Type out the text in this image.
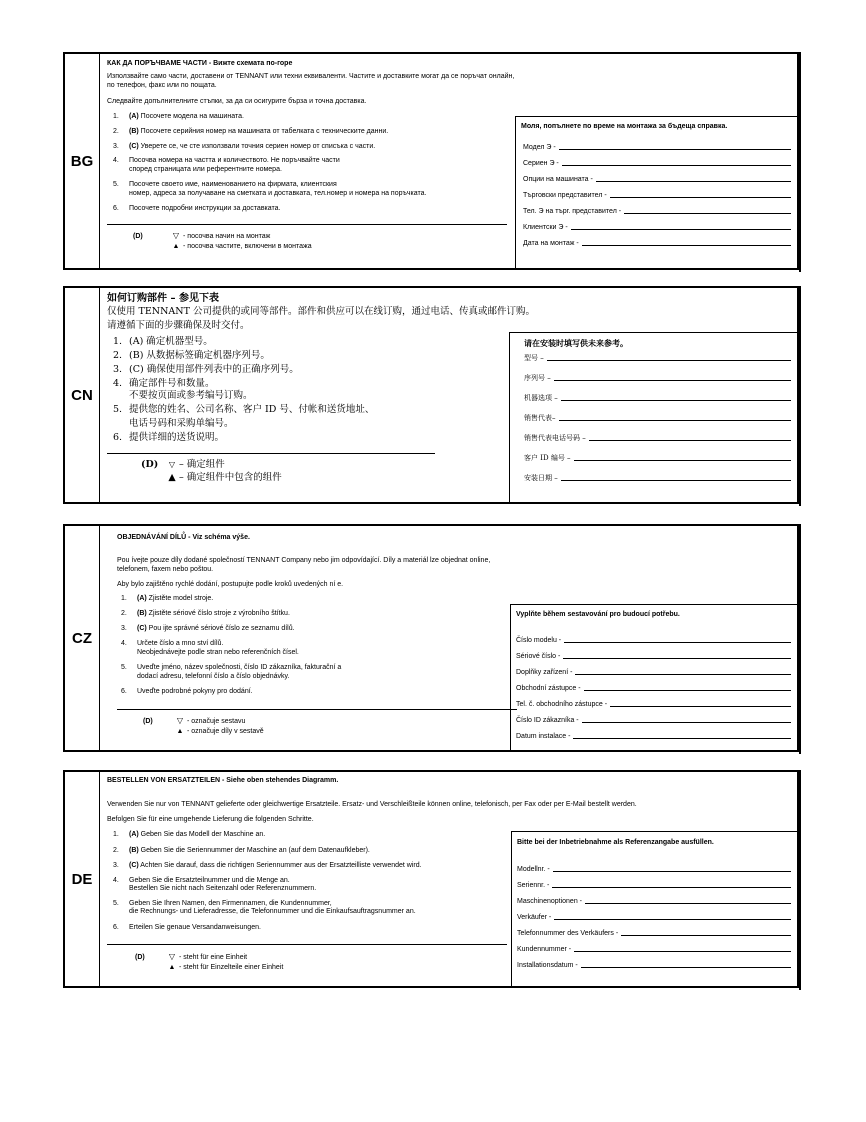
BG
КАК ДА ПОРЪЧВАМЕ ЧАСТИ - Вижте схемата по-горе
Използвайте само части, доставени от TENNANT или техни еквиваленти. Частите и доставките могат да се поръчат онлайн,
по телефон, факс или по пощата.
Следвайте допълнителните стъпки, за да си осигурите бърза и точна доставка.
1. (A) Посочете модела на машината.
2. (B) Посочете серийния номер на машината от табелката с техническите данни.
3. (C) Уверете се, че сте използвали точния сериен номер от списъка с части.
4. Посочва номера на частта и количеството. Не поръчвайте части
според страницата или референтните номера.
5. Посочете своето име, наименованието на фирмата, клиентския
номер, адреса за получаване на сметката и доставката, тел.номер и номера на поръчката.
6. Посочете подробни инструкции за доставката.
(D)	▽ - посочва начин на монтаж
▲ - посочва частите, включени в монтажа
Моля, попълнете по време на монтажа за бъдеща справка.
Модел Э -
Сериен Э -
Опции на машината -
Търговски представител -
Тел. Э на търг. представител -
Клиентски Э -
Дата на монтаж -
CN
如何订购部件 – 参见下表
仅使用 TENNANT 公司提供的或同等部件。部件和供应可以在线订购，通过电话、传真或邮件订购。
请遵循下面的步骤确保及时交付。
1. (A) 确定机器型号。
2. (B) 从数据标签确定机器序列号。
3. (C) 确保使用部件列表中的正确序列号。
4. 确定部件号和数量。
不要按页面或参考编号订购。
5. 提供您的姓名、公司名称、客户 ID 号、付帐和送货地址、
电话号码和采购单编号。
6. 提供详细的送货说明。
(D) ▽ – 确定组件
▲ – 确定组件中包含的组件
请在安装时填写供未来参考。
型号 –
序列号 –
机器选项 –
销售代表–
销售代表电话号码 –
客户 ID 编号 –
安装日期 –
CZ
OBJEDNÁVÁNÍ DÍLŮ - Viz schéma výše.
Pou ívejte pouze díly dodané společností TENNANT Company nebo jim odpovídající. Díly a materiál lze objednat online,
telefonem, faxem nebo poštou.
Aby bylo zajištěno rychlé dodání, postupujte podle kroků uvedených ní e.
1. (A) Zjistěte model stroje.
2. (B) Zjistěte sériové číslo stroje z výrobního štítku.
3. (C) Pou ijte správné sériové číslo ze seznamu dílů.
4. Určete číslo a mno ství dílů.
Neobjednávejte podle stran nebo referenčních čísel.
5. Uveďte jméno, název společnosti, číslo ID zákazníka, fakturační a
dodací adresu, telefonní číslo a číslo objednávky.
6. Uveďte podrobné pokyny pro dodání.
(D)	▽ - označuje sestavu
▲ - označuje díly v sestavě
Vyplňte během sestavování pro budoucí potřebu.
Číslo modelu -
Sériové číslo -
Doplňky zařízení -
Obchodní zástupce -
Tel. č. obchodního zástupce -
Číslo ID zákazníka -
Datum instalace -
DE
BESTELLEN VON ERSATZTEILEN - Siehe oben stehendes Diagramm.
Verwenden Sie nur von TENNANT gelieferte oder gleichwertige Ersatzteile. Ersatz- und Verschleißteile können online, telefonisch, per Fax oder per E-Mail bestellt werden.
Befolgen Sie für eine umgehende Lieferung die folgenden Schritte.
1. (A) Geben Sie das Modell der Maschine an.
2. (B) Geben Sie die Seriennummer der Maschine an (auf dem Datenaufkleber).
3. (C) Achten Sie darauf, dass die richtigen Seriennummer aus der Ersatzteilliste verwendet wird.
4. Geben Sie die Ersatzteilnummer und die Menge an.
Bestellen Sie nicht nach Seitenzahl oder Referenznummern.
5. Geben Sie Ihren Namen, den Firmennamen, die Kundennummer,
die Rechnungs- und Lieferadresse, die Telefonnummer und die Einkaufsauftragsnummer an.
6. Erteilen Sie genaue Versandanweisungen.
(D)	▽ - steht für eine Einheit
▲ - steht für Einzelteile einer Einheit
Bitte bei der Inbetriebnahme als Referenzangabe ausfüllen.
Modellnr. -
Seriennr. -
Maschinenoptionen -
Verkäufer -
Telefonnummer des Verkäufers -
Kundennummer -
Installationsdatum -
